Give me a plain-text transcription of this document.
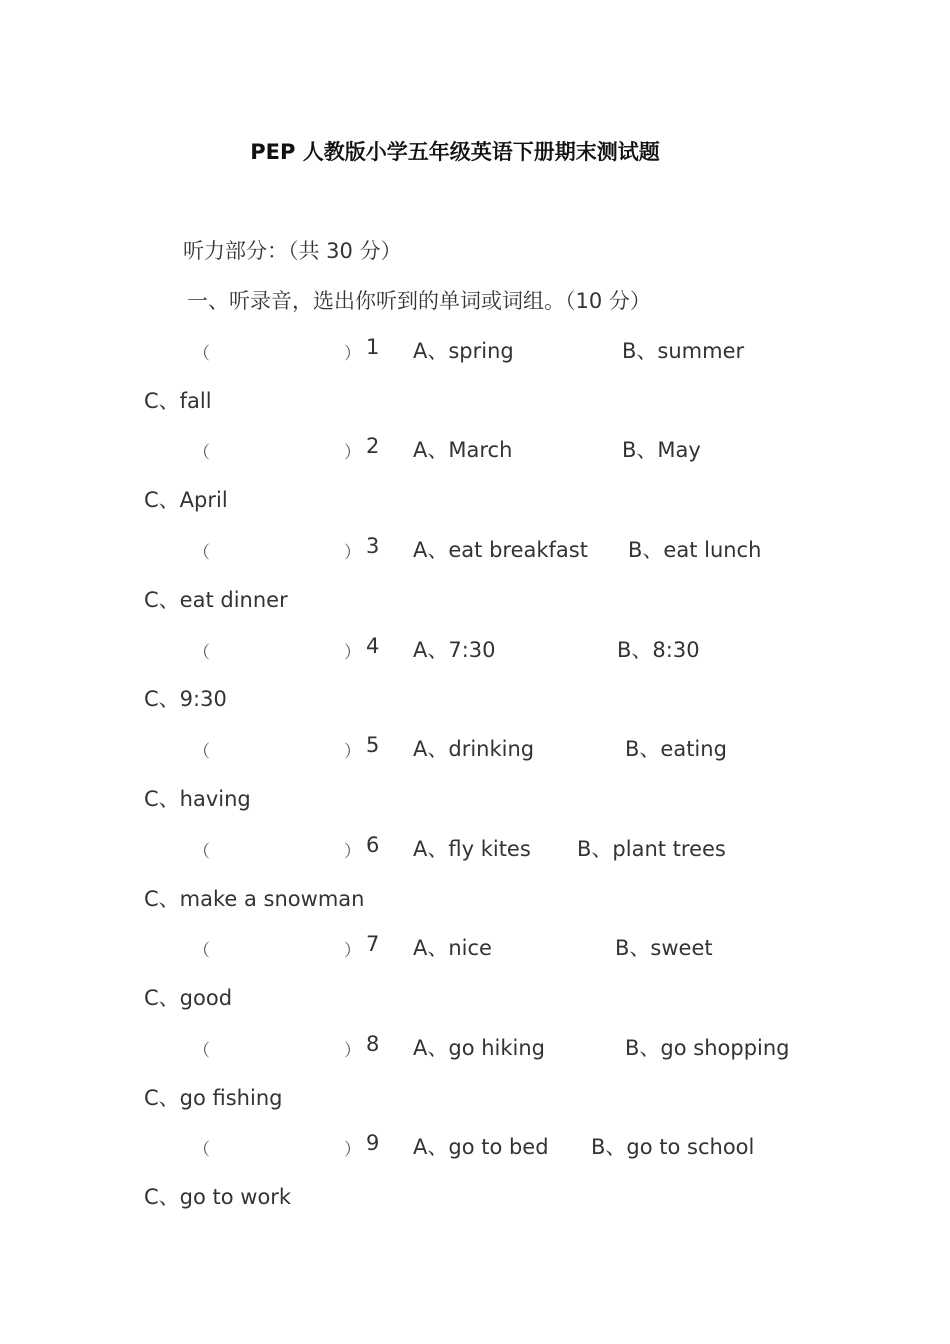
PEP 人教版小学五年级英语下册期末测试题
听力部分：（共 30 分）
一、听录音，选出你听到的单词或词组。（10 分）
（	） 1 A、spring	B、summer
C、fall
（	） 2 A、March	B、May
C、April
（	） 3 A、eat breakfast B、eat lunch
C、eat dinner
（	） 4 A、7:30	B、8:30
C、9:30
（	） 5 A、drinking	B、eating
C、having
（	） 6 A、fly kites B、plant trees
C、make a snowman
（	） 7 A、nice	B、sweet
C、good
（	） 8 A、go hiking	B、go shopping
C、go fishing
（	） 9 A、go to bed B、go to school
C、go to work
